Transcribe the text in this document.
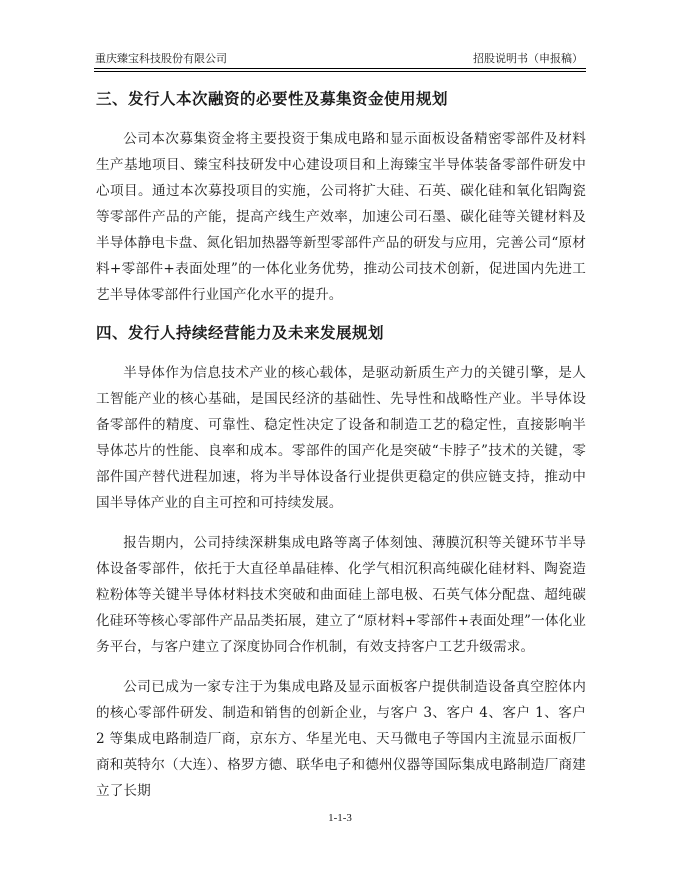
重庆臻宝科技股份有限公司	招股说明书（申报稿）
三、发行人本次融资的必要性及募集资金使用规划

公司本次募集资金将主要投资于集成电路和显示面板设备精密零部件及材料生产基地项目、臻宝科技研发中心建设项目和上海臻宝半导体装备零部件研发中心项目。通过本次募投项目的实施，公司将扩大硅、石英、碳化硅和氧化铝陶瓷等零部件产品的产能，提高产线生产效率，加速公司石墨、碳化硅等关键材料及半导体静电卡盘、氮化铝加热器等新型零部件产品的研发与应用，完善公司“原材料+零部件+表面处理”的一体化业务优势，推动公司技术创新，促进国内先进工艺半导体零部件行业国产化水平的提升。

四、发行人持续经营能力及未来发展规划

半导体作为信息技术产业的核心载体，是驱动新质生产力的关键引擎，是人工智能产业的核心基础，是国民经济的基础性、先导性和战略性产业。半导体设备零部件的精度、可靠性、稳定性决定了设备和制造工艺的稳定性，直接影响半导体芯片的性能、良率和成本。零部件的国产化是突破“卡脖子”技术的关键，零部件国产替代进程加速，将为半导体设备行业提供更稳定的供应链支持，推动中国半导体产业的自主可控和可持续发展。

报告期内，公司持续深耕集成电路等离子体刻蚀、薄膜沉积等关键环节半导体设备零部件，依托于大直径单晶硅棒、化学气相沉积高纯碳化硅材料、陶瓷造粒粉体等关键半导体材料技术突破和曲面硅上部电极、石英气体分配盘、超纯碳化硅环等核心零部件产品品类拓展，建立了“原材料+零部件+表面处理”一体化业务平台，与客户建立了深度协同合作机制，有效支持客户工艺升级需求。

公司已成为一家专注于为集成电路及显示面板客户提供制造设备真空腔体内的核心零部件研发、制造和销售的创新企业，与客户 3、客户 4、客户 1、客户 2 等集成电路制造厂商，京东方、华星光电、天马微电子等国内主流显示面板厂商和英特尔（大连）、格罗方德、联华电子和德州仪器等国际集成电路制造厂商建立了长期

1-1-3
